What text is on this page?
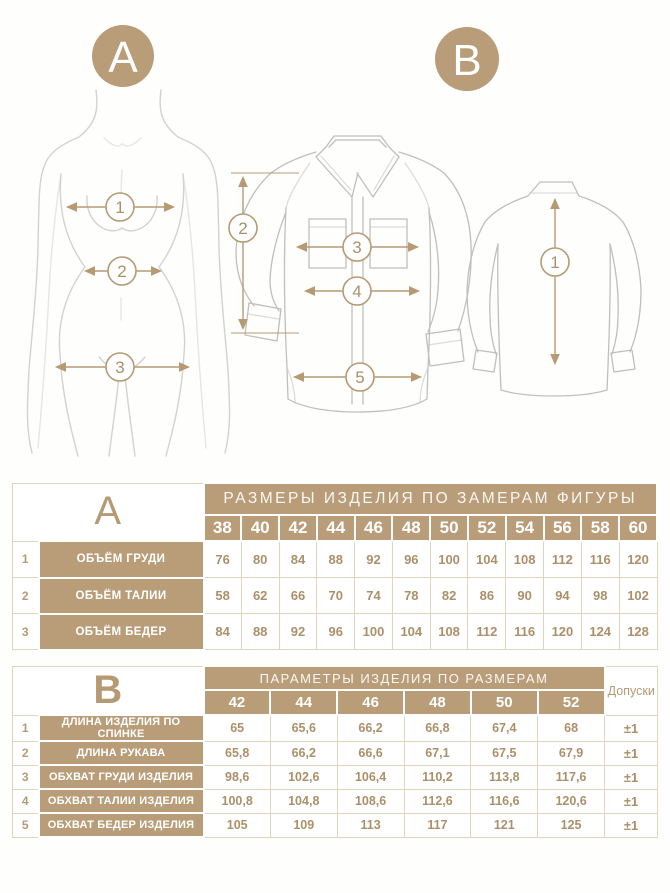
A	B
1
2
3
2
3
4
5
1
A		РАЗМЕРЫ ИЗДЕЛИЯ ПО ЗАМЕРАМ ФИГУРЫ											
		38	40	42	44	46	48	50	52	54	56	58	60
1	ОБЪЁМ ГРУДИ	76	80	84	88	92	96	100	104	108	112	116	120
2	ОБЪЁМ ТАЛИИ	58	62	66	70	74	78	82	86	90	94	98	102
3	ОБЪЁМ БЕДЕР	84	88	92	96	100	104	108	112	116	120	124	128
B		ПАРАМЕТРЫ ИЗДЕЛИЯ ПО РАЗМЕРАМ						Допуски
		42	44	46	48	50	52	
1	ДЛИНА ИЗДЕЛИЯ ПО СПИНКЕ	65	65,6	66,2	66,8	67,4	68	±1
2	ДЛИНА РУКАВА	65,8	66,2	66,6	67,1	67,5	67,9	±1
3	ОБХВАТ ГРУДИ ИЗДЕЛИЯ	98,6	102,6	106,4	110,2	113,8	117,6	±1
4	ОБХВАТ ТАЛИИ ИЗДЕЛИЯ	100,8	104,8	108,6	112,6	116,6	120,6	±1
5	ОБХВАТ БЕДЕР ИЗДЕЛИЯ	105	109	113	117	121	125	±1
